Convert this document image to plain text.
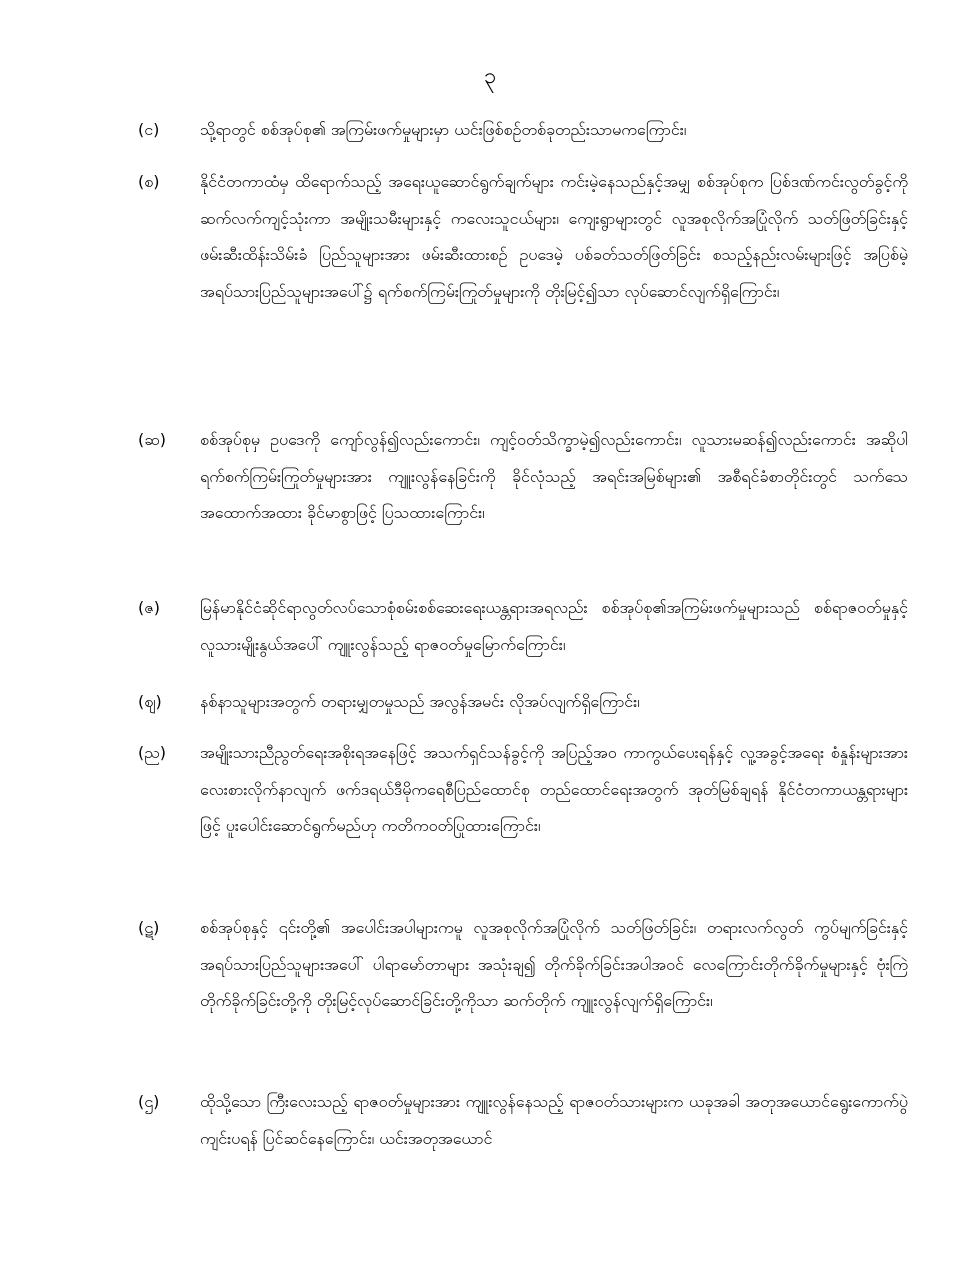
၃
(င)	သို့ရာတွင် စစ်အုပ်စု၏ အကြမ်းဖက်မှုများမှာ ယင်းဖြစ်စဉ်တစ်ခုတည်းသာမကကြောင်း၊

(စ)	နိုင်ငံတကာထံမှ ထိရောက်သည့် အရေးယူဆောင်ရွက်ချက်များ ကင်းမဲ့နေသည်နှင့်အမျှ စစ်အုပ်စုက ပြစ်ဒဏ်ကင်းလွတ်ခွင့်ကို ဆက်လက်ကျင့်သုံးကာ အမျိုးသမီးများနှင့် ကလေးသူငယ်များ၊ ကျေးရွာများတွင် လူအစုလိုက်အပြုံလိုက် သတ်ဖြတ်ခြင်းနှင့် ဖမ်းဆီးထိန်းသိမ်းခံ ပြည်သူများအား ဖမ်းဆီးထားစဉ် ဥပဒေမဲ့ ပစ်ခတ်သတ်ဖြတ်ခြင်း စသည့်နည်းလမ်းများဖြင့် အပြစ်မဲ့အရပ်သားပြည်သူများအပေါ်၌ ရက်စက်ကြမ်းကြုတ်မှုများကို တိုးမြင့်၍သာ လုပ်ဆောင်လျက်ရှိကြောင်း၊

(ဆ)	စစ်အုပ်စုမှ ဥပဒေကို ကျော်လွန်၍လည်းကောင်း၊ ကျင့်ဝတ်သိက္ခာမဲ့၍လည်းကောင်း၊ လူသားမဆန်၍လည်းကောင်း အဆိုပါရက်စက်ကြမ်းကြုတ်မှုများအား ကျူးလွန်နေခြင်းကို ခိုင်လုံသည့် အရင်းအမြစ်များ၏ အစီရင်ခံစာတိုင်းတွင် သက်သေအထောက်အထား ခိုင်မာစွာဖြင့် ပြသထားကြောင်း၊

(ဇ)	မြန်မာနိုင်ငံဆိုင်ရာလွတ်လပ်သောစုံစမ်းစစ်ဆေးရေးယန္တရားအရလည်း စစ်အုပ်စု၏အကြမ်းဖက်မှုများသည် စစ်ရာဇဝတ်မှုနှင့် လူသားမျိုးနွယ်အပေါ် ကျူးလွန်သည့် ရာဇဝတ်မှုမြောက်ကြောင်း၊

(ဈ)	နစ်နာသူများအတွက် တရားမျှတမှုသည် အလွန်အမင်း လိုအပ်လျက်ရှိကြောင်း၊

(ည)	အမျိုးသားညီညွတ်ရေးအစိုးရအနေဖြင့် အသက်ရှင်သန်ခွင့်ကို အပြည့်အဝ ကာကွယ်ပေးရန်နှင့် လူ့အခွင့်အရေး စံနှုန်းများအား လေးစားလိုက်နာလျက် ဖက်ဒရယ်ဒီမိုကရေစီပြည်ထောင်စု တည်ထောင်ရေးအတွက် အုတ်မြစ်ချရန် နိုင်ငံတကာယန္တရားများဖြင့် ပူးပေါင်းဆောင်ရွက်မည်ဟု ကတိကဝတ်ပြုထားကြောင်း၊

(ဋ)	စစ်အုပ်စုနှင့် ၎င်းတို့၏ အပေါင်းအပါများကမူ လူအစုလိုက်အပြုံလိုက် သတ်ဖြတ်ခြင်း၊ တရားလက်လွတ် ကွပ်မျက်ခြင်းနှင့် အရပ်သားပြည်သူများအပေါ် ပါရာမော်တာများ အသုံးချ၍ တိုက်ခိုက်ခြင်းအပါအဝင် လေကြောင်းတိုက်ခိုက်မှုများနှင့် ဗုံးကြဲတိုက်ခိုက်ခြင်းတို့ကို တိုးမြင့်လုပ်ဆောင်ခြင်းတို့ကိုသာ ဆက်တိုက် ကျူးလွန်လျက်ရှိကြောင်း၊

(ဌ)	ထိုသို့သော ကြီးလေးသည့် ရာဇဝတ်မှုများအား ကျူးလွန်နေသည့် ရာဇဝတ်သားများက ယခုအခါ အတုအယောင်ရွေးကောက်ပွဲ ကျင်းပရန် ပြင်ဆင်နေကြောင်း၊ ယင်းအတုအယောင်
